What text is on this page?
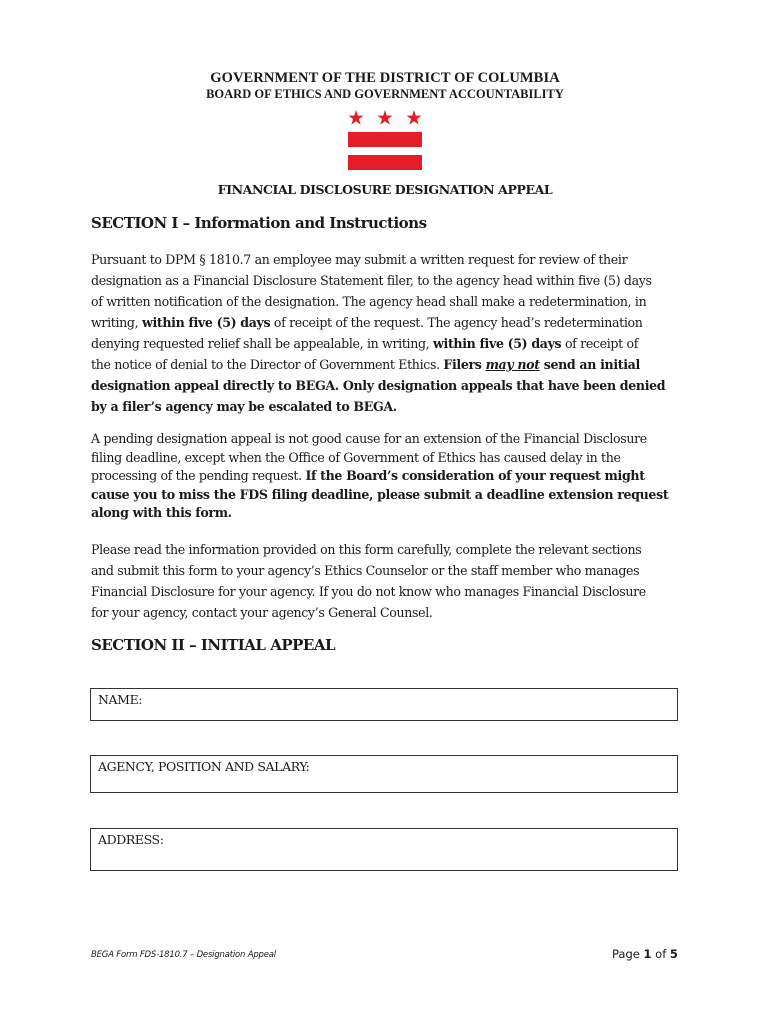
GOVERNMENT OF THE DISTRICT OF COLUMBIA
BOARD OF ETHICS AND GOVERNMENT ACCOUNTABILITY
FINANCIAL DISCLOSURE DESIGNATION APPEAL
SECTION I – Information and Instructions
Pursuant to DPM § 1810.7 an employee may submit a written request for review of their
designation as a Financial Disclosure Statement filer, to the agency head within five (5) days
of written notification of the designation. The agency head shall make a redetermination, in
writing, within five (5) days of receipt of the request. The agency head’s redetermination
denying requested relief shall be appealable, in writing, within five (5) days of receipt of
the notice of denial to the Director of Government Ethics. Filers may not send an initial
designation appeal directly to BEGA. Only designation appeals that have been denied
by a filer’s agency may be escalated to BEGA.
A pending designation appeal is not good cause for an extension of the Financial Disclosure
filing deadline, except when the Office of Government of Ethics has caused delay in the
processing of the pending request. If the Board’s consideration of your request might
cause you to miss the FDS filing deadline, please submit a deadline extension request
along with this form.
Please read the information provided on this form carefully, complete the relevant sections
and submit this form to your agency’s Ethics Counselor or the staff member who manages
Financial Disclosure for your agency. If you do not know who manages Financial Disclosure
for your agency, contact your agency’s General Counsel.
SECTION II – INITIAL APPEAL
NAME:
AGENCY, POSITION AND SALARY:
ADDRESS:
BEGA Form FDS-1810.7 – Designation Appeal	Page 1 of 5
